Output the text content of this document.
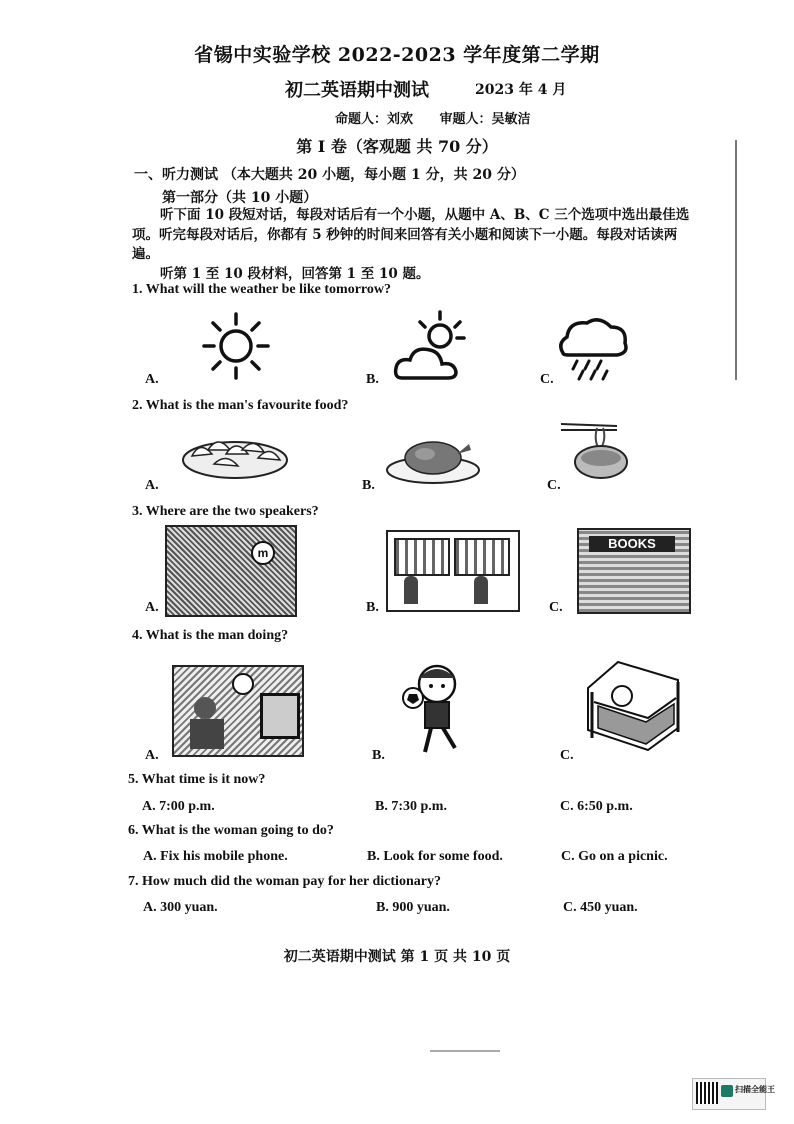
省锡中实验学校 2022-2023 学年度第二学期
初二英语期中测试	2023 年 4 月
命题人：刘欢 审题人：吴敏洁
第 I 卷（客观题 共 70 分）
一、听力测试 （本大题共 20 小题，每小题 1 分，共 20 分）
第一部分（共 10 小题）
听下面 10 段短对话，每段对话后有一个小题，从题中 A、B、C 三个选项中选出最佳选项。听完每段对话后，你都有 5 秒钟的时间来回答有关小题和阅读下一小题。每段对话读两遍。
听第 1 至 10 段材料，回答第 1 至 10 题。
1. What will the weather be like tomorrow?
A.	B.	C.
2. What is the man's favourite food?
A.	B.	C.
3. Where are the two speakers?
m
BOOKS
A.	B.	C.
4. What is the man doing?
A.	B.	C.
5. What time is it now?
A. 7:00 p.m.	B. 7:30 p.m.	C. 6:50 p.m.
6. What is the woman going to do?
A. Fix his mobile phone.	B. Look for some food.	C. Go on a picnic.
7. How much did the woman pay for her dictionary?
A. 300 yuan.	B. 900 yuan.	C. 450 yuan.
初二英语期中测试 第 1 页 共 10 页
扫描全能王
